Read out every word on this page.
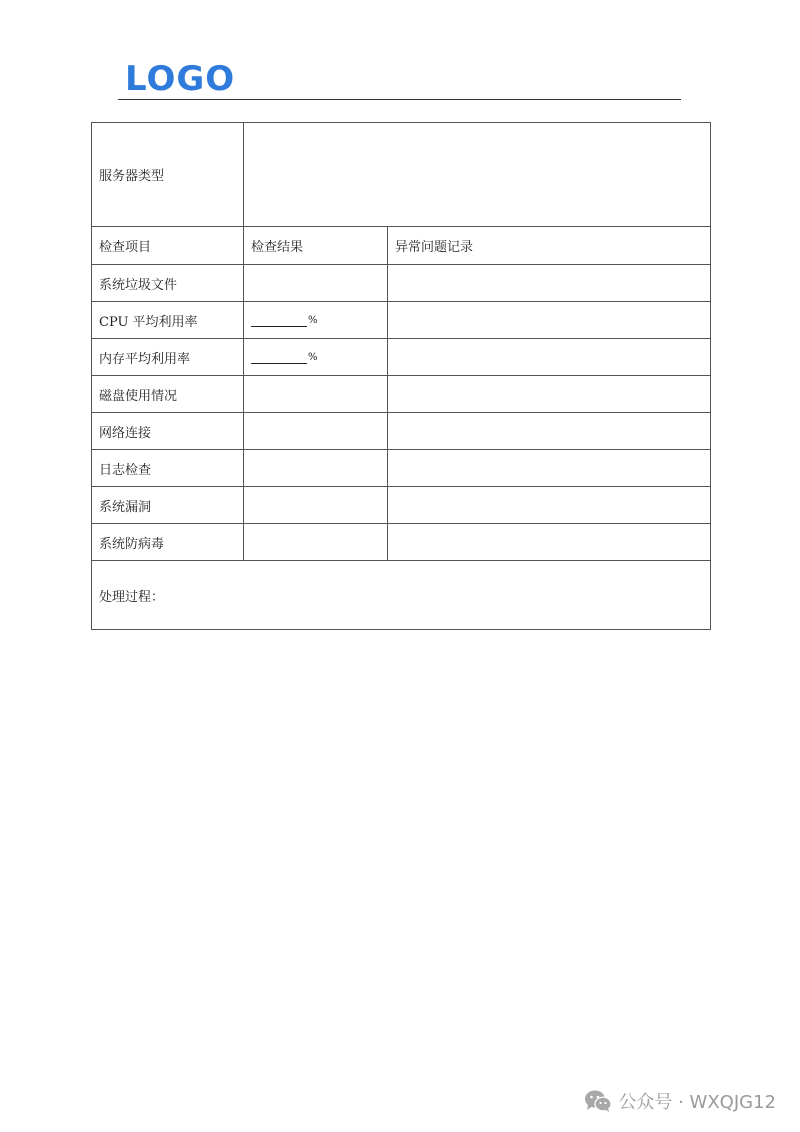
LOGO
服务器类型		
检查项目	检查结果	异常问题记录
系统垃圾文件		
CPU 平均利用率	%	
内存平均利用率	%	
磁盘使用情况		
网络连接		
日志检查		
系统漏洞		
系统防病毒		
处理过程：		
公众号 · WXQJG12
